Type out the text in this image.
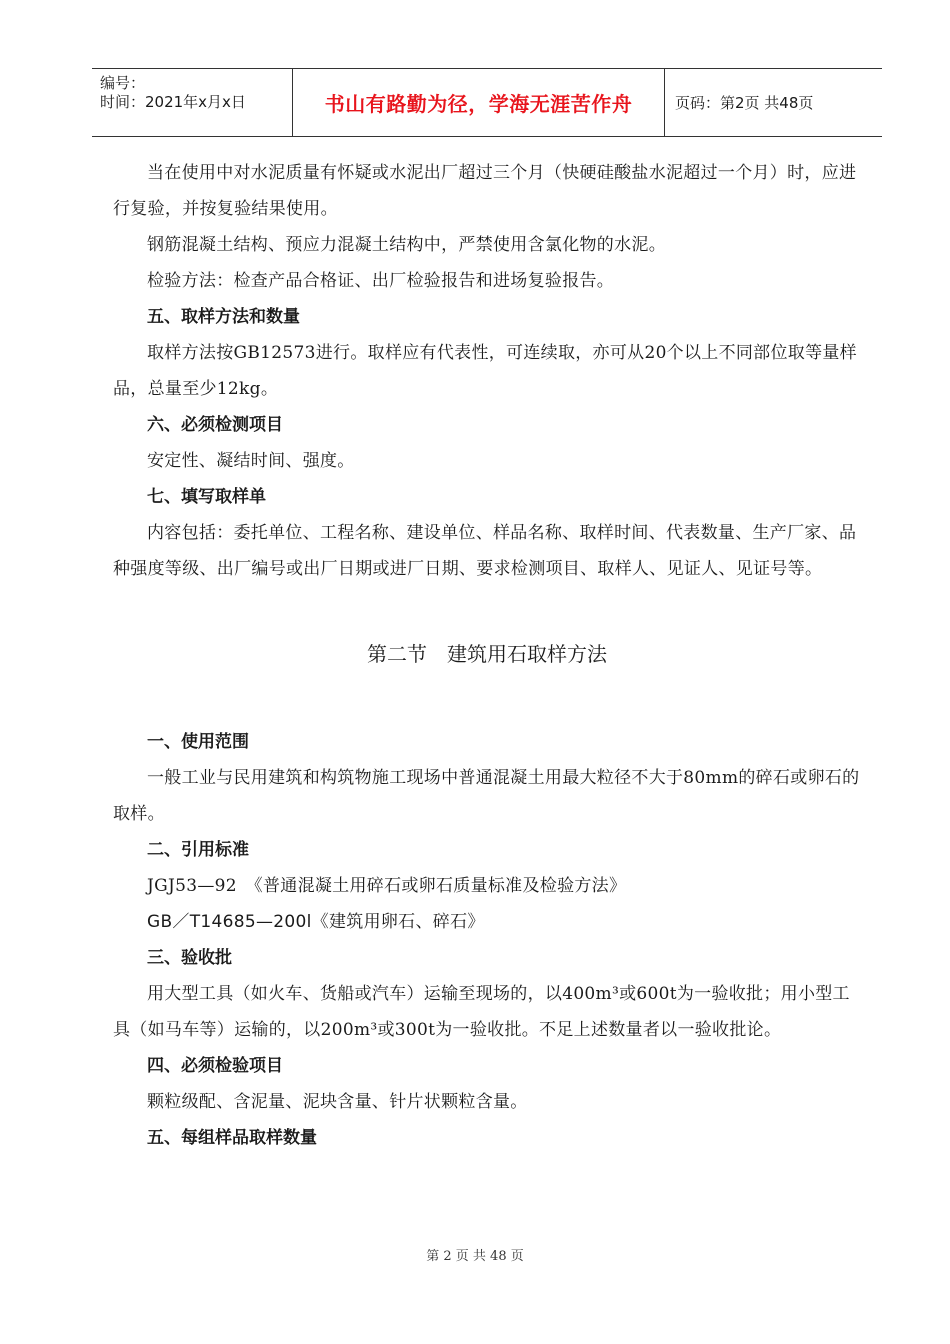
编号：
时间：2021年x月x日	书山有路勤为径，学海无涯苦作舟	页码：第2页 共48页

当在使用中对水泥质量有怀疑或水泥出厂超过三个月（快硬硅酸盐水泥超过一个月）时，应进行复验，并按复验结果使用。

钢筋混凝土结构、预应力混凝土结构中，严禁使用含氯化物的水泥。

检验方法：检查产品合格证、出厂检验报告和进场复验报告。

五、取样方法和数量

取样方法按GB12573进行。取样应有代表性，可连续取，亦可从20个以上不同部位取等量样品，总量至少12kg。

六、必须检测项目

安定性、凝结时间、强度。

七、填写取样单

内容包括：委托单位、工程名称、建设单位、样品名称、取样时间、代表数量、生产厂家、品种强度等级、出厂编号或出厂日期或进厂日期、要求检测项目、取样人、见证人、见证号等。

第二节　建筑用石取样方法

一、使用范围

一般工业与民用建筑和构筑物施工现场中普通混凝土用最大粒径不大于80mm的碎石或卵石的取样。

二、引用标准

JGJ53—92　《普通混凝土用碎石或卵石质量标准及检验方法》

GB／T14685—200l《建筑用卵石、碎石》

三、验收批

用大型工具（如火车、货船或汽车）运输至现场的，以400m³或600t为一验收批；用小型工具（如马车等）运输的，以200m³或300t为一验收批。不足上述数量者以一验收批论。

四、必须检验项目

颗粒级配、含泥量、泥块含量、针片状颗粒含量。

五、每组样品取样数量

第 2 页 共 48 页
